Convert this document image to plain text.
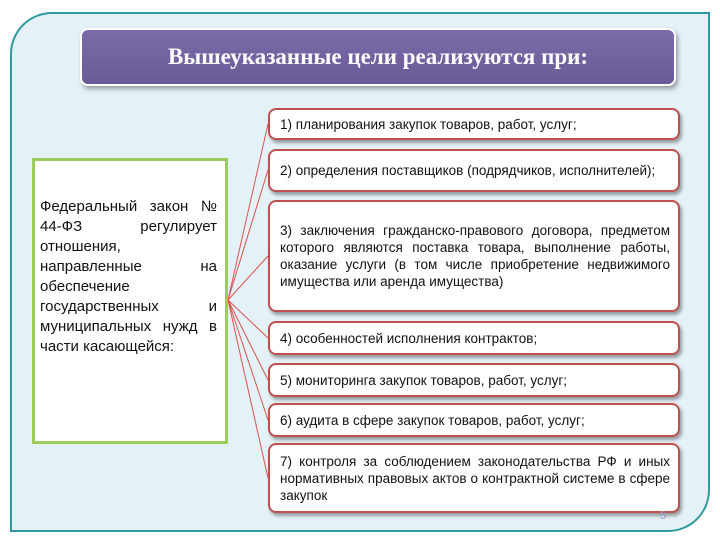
Вышеуказанные цели реализуются при:

Федеральный закон № 44-ФЗ регулирует отношения, направленные на обеспечение государственных и муниципальных нужд в части касающейся:

1) планирования закупок товаров, работ, услуг;
2) определения поставщиков (подрядчиков, исполнителей);
3) заключения гражданско-правового договора, предметом которого являются поставка товара, выполнение работы, оказание услуги (в том числе приобретение недвижимого имущества или аренда имущества)
4) особенностей исполнения контрактов;
5) мониторинга закупок товаров, работ, услуг;
6) аудита в сфере закупок товаров, работ, услуг;
7) контроля за соблюдением законодательства РФ и иных нормативных правовых актов о контрактной системе в сфере закупок
5
